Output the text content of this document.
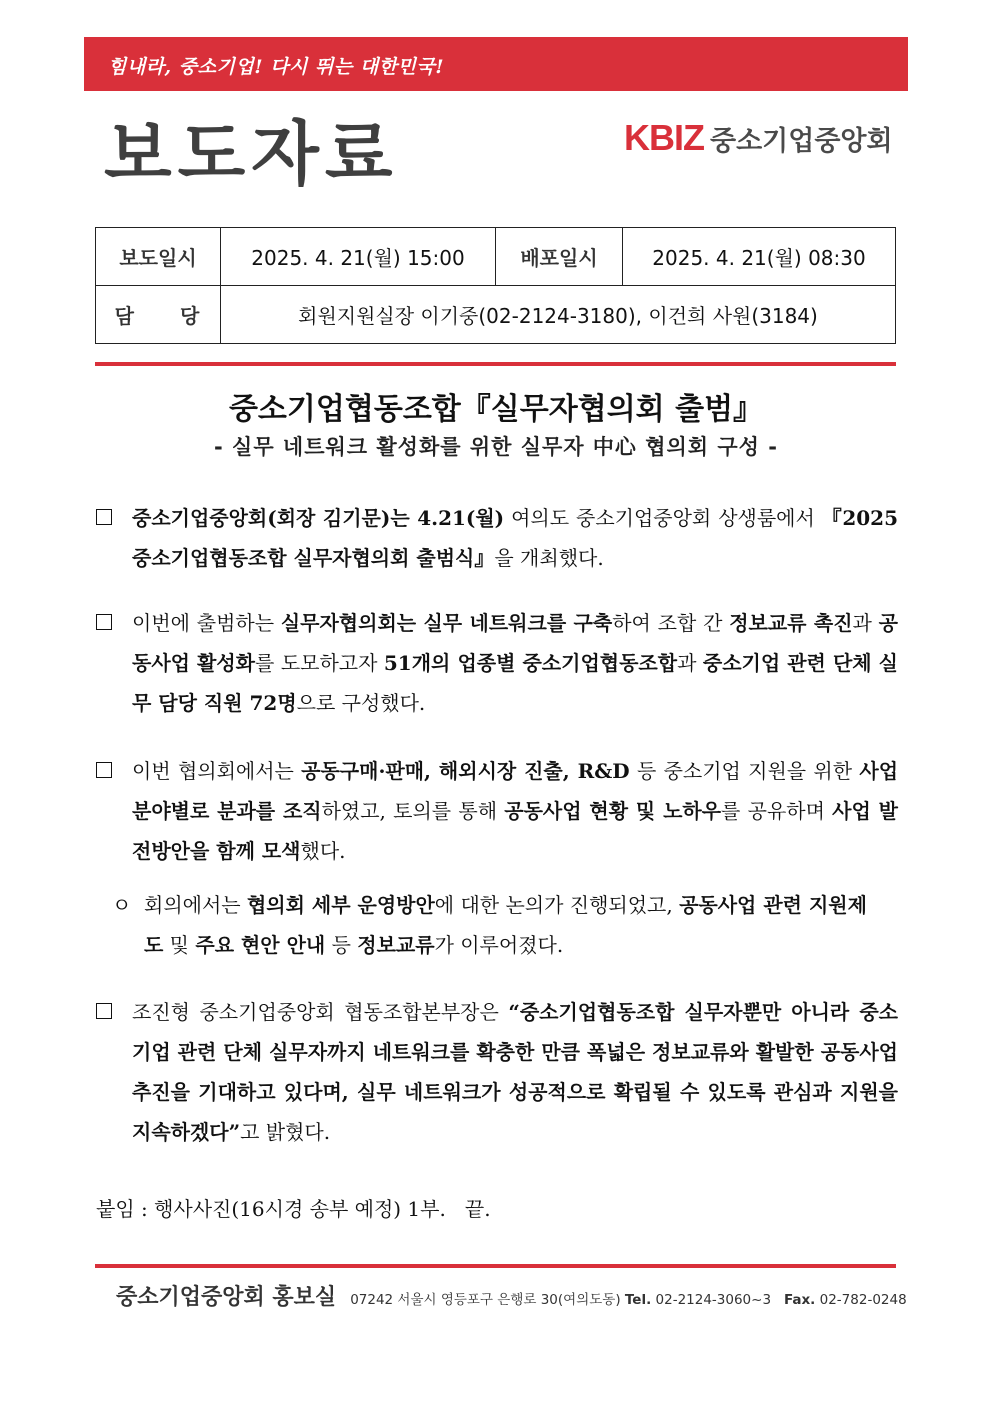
힘내라, 중소기업! 다시 뛰는 대한민국!
보도자료	KBIZ 중소기업중앙회
보도일시	2025. 4. 21(월) 15:00	배포일시	2025. 4. 21(월) 08:30
담　　당	회원지원실장 이기중(02-2124-3180), 이건희 사원(3184)		
중소기업협동조합『실무자협의회 출범』
- 실무 네트워크 활성화를 위한 실무자 中心 협의회 구성 -
중소기업중앙회(회장 김기문)는 4.21(월) 여의도 중소기업중앙회 상생룸에서 『2025 중소기업협동조합 실무자협의회 출범식』을 개최했다.
이번에 출범하는 실무자협의회는 실무 네트워크를 구축하여 조합 간 정보교류 촉진과 공동사업 활성화를 도모하고자 51개의 업종별 중소기업협동조합과 중소기업 관련 단체 실무 담당 직원 72명으로 구성했다.
이번 협의회에서는 공동구매·판매, 해외시장 진출, R&D 등 중소기업 지원을 위한 사업 분야별로 분과를 조직하였고, 토의를 통해 공동사업 현황 및 노하우를 공유하며 사업 발전방안을 함께 모색했다.
ㅇ 회의에서는 협의회 세부 운영방안에 대한 논의가 진행되었고, 공동사업 관련 지원제도 및 주요 현안 안내 등 정보교류가 이루어졌다.
조진형 중소기업중앙회 협동조합본부장은 “중소기업협동조합 실무자뿐만 아니라 중소기업 관련 단체 실무자까지 네트워크를 확충한 만큼 폭넓은 정보교류와 활발한 공동사업 추진을 기대하고 있다며, 실무 네트워크가 성공적으로 확립될 수 있도록 관심과 지원을 지속하겠다”고 밝혔다.
붙임 : 행사사진(16시경 송부 예정) 1부.   끝.
중소기업중앙회 홍보실 07242 서울시 영등포구 은행로 30(여의도동) Tel. 02-2124-3060~3 Fax. 02-782-0248
